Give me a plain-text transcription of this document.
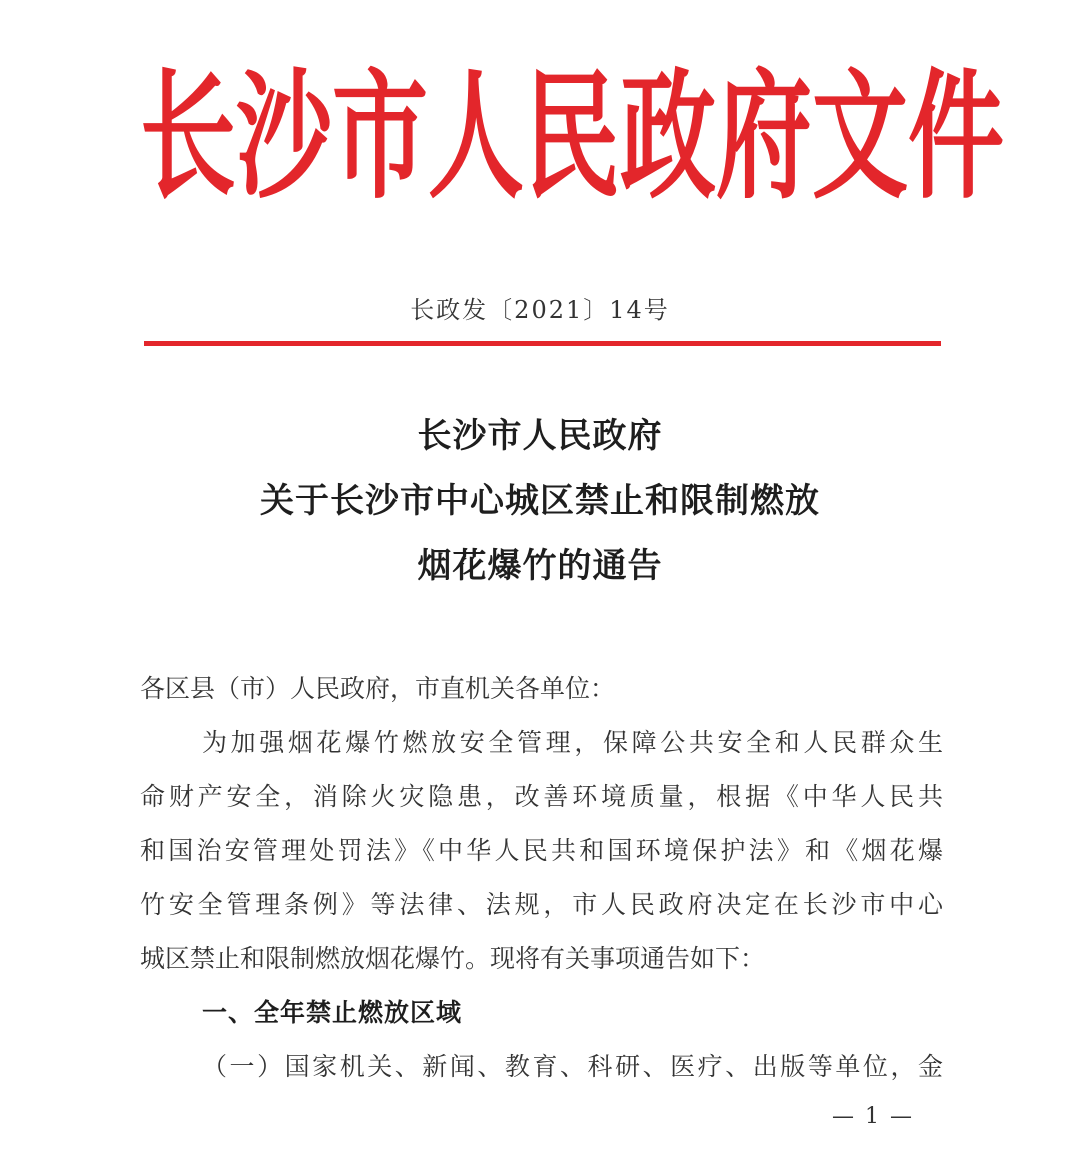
长 沙 市 人 民 政 府 文 件
长政发〔2021〕14号
长沙市人民政府
关于长沙市中心城区禁止和限制燃放
烟花爆竹的通告
各区县（市）人民政府，市直机关各单位：
为加强烟花爆竹燃放安全管理，保障公共安全和人民群众生
命财产安全，消除火灾隐患，改善环境质量，根据《中华人民共
和国治安管理处罚法》《中华人民共和国环境保护法》和《烟花爆
竹安全管理条例》等法律、法规，市人民政府决定在长沙市中心
城区禁止和限制燃放烟花爆竹。现将有关事项通告如下：
一、全年禁止燃放区域
（一）国家机关、新闻、教育、科研、医疗、出版等单位，金
— 1 —
